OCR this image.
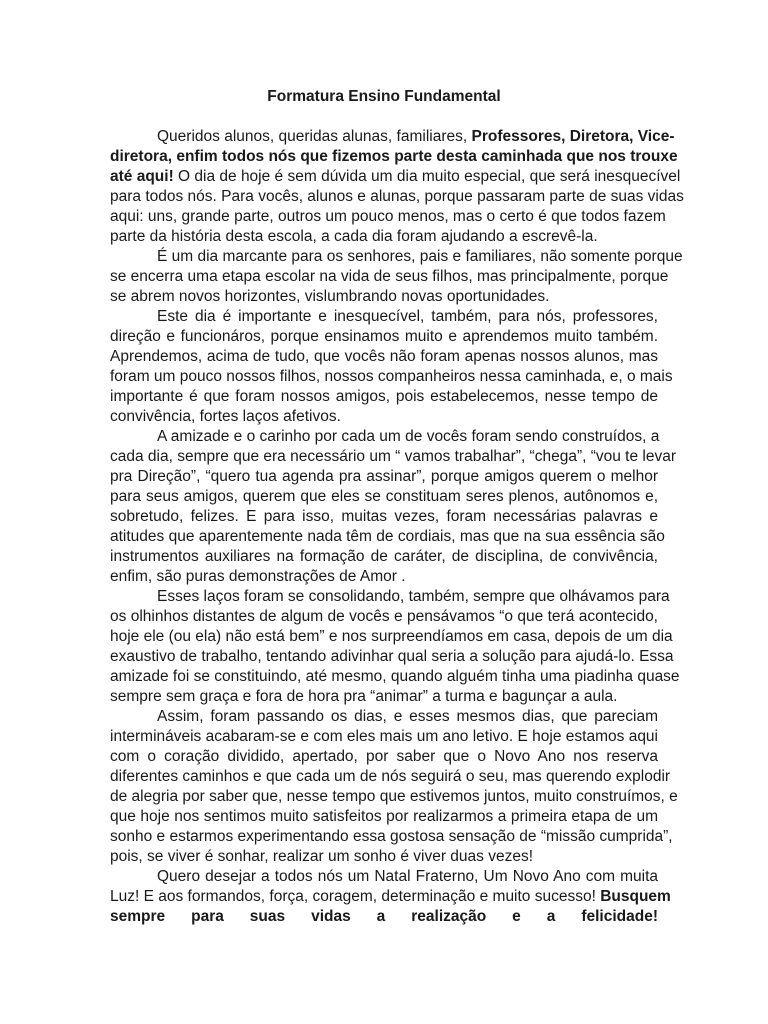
Formatura Ensino Fundamental
Queridos alunos, queridas alunas, familiares, Professores, Diretora, Vice-
diretora, enfim todos nós que fizemos parte desta caminhada que nos trouxe
até aqui! O dia de hoje é sem dúvida um dia muito especial, que será inesquecível
para todos nós. Para vocês, alunos e alunas, porque passaram parte de suas vidas
aqui: uns, grande parte, outros um pouco menos, mas o certo é que todos fazem
parte da história desta escola, a cada dia foram ajudando a escrevê-la.
É um dia marcante para os senhores, pais e familiares, não somente porque
se encerra uma etapa escolar na vida de seus filhos, mas principalmente, porque
se abrem novos horizontes, vislumbrando novas oportunidades.
Este dia é importante e inesquecível, também, para nós, professores,
direção e funcionáros, porque ensinamos muito e aprendemos muito também.
Aprendemos, acima de tudo, que vocês não foram apenas nossos alunos, mas
foram um pouco nossos filhos, nossos companheiros nessa caminhada, e, o mais
importante é que foram nossos amigos, pois estabelecemos, nesse tempo de
convivência, fortes laços afetivos.
A amizade e o carinho por cada um de vocês foram sendo construídos, a
cada dia, sempre que era necessário um “ vamos trabalhar”, “chega”, “vou te levar
pra Direção”, “quero tua agenda pra assinar”, porque amigos querem o melhor
para seus amigos, querem que eles se constituam seres plenos, autônomos e,
sobretudo, felizes. E para isso, muitas vezes, foram necessárias palavras e
atitudes que aparentemente nada têm de cordiais, mas que na sua essência são
instrumentos auxiliares na formação de caráter, de disciplina, de convivência,
enfim, são puras demonstrações de Amor .
Esses laços foram se consolidando, também, sempre que olhávamos para
os olhinhos distantes de algum de vocês e pensávamos “o que terá acontecido,
hoje ele (ou ela) não está bem” e nos surpreendíamos em casa, depois de um dia
exaustivo de trabalho, tentando adivinhar qual seria a solução para ajudá-lo. Essa
amizade foi se constituindo, até mesmo, quando alguém tinha uma piadinha quase
sempre sem graça e fora de hora pra “animar” a turma e bagunçar a aula.
Assim, foram passando os dias, e esses mesmos dias, que pareciam
intermináveis acabaram-se e com eles mais um ano letivo. E hoje estamos aqui
com o coração dividido, apertado, por saber que o Novo Ano nos reserva
diferentes caminhos e que cada um de nós seguirá o seu, mas querendo explodir
de alegria por saber que, nesse tempo que estivemos juntos, muito construímos, e
que hoje nos sentimos muito satisfeitos por realizarmos a primeira etapa de um
sonho e estarmos experimentando essa gostosa sensação de “missão cumprida”,
pois, se viver é sonhar, realizar um sonho é viver duas vezes!
Quero desejar a todos nós um Natal Fraterno, Um Novo Ano com muita
Luz! E aos formandos, força, coragem, determinação e muito sucesso! Busquem
sempre para suas vidas a realização e a felicidade!
